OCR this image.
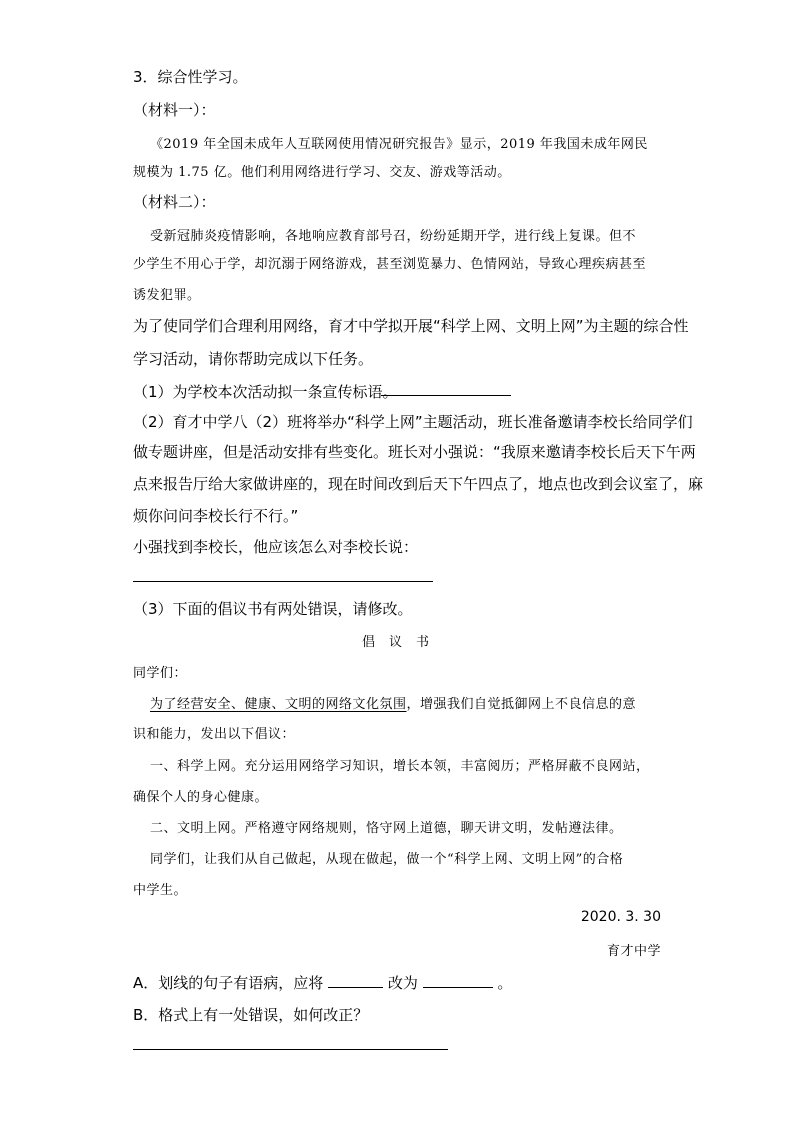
3．综合性学习。
（材料一）：
《2019 年全国未成年人互联网使用情况研究报告》显示，2019 年我国未成年网民
规模为 1.75 亿。他们利用网络进行学习、交友、游戏等活动。
（材料二）：
受新冠肺炎疫情影响，各地响应教育部号召，纷纷延期开学，进行线上复课。但不
少学生不用心于学，却沉溺于网络游戏，甚至浏览暴力、色情网站，导致心理疾病甚至
诱发犯罪。
为了使同学们合理利用网络，育才中学拟开展“科学上网、文明上网”为主题的综合性
学习活动，请你帮助完成以下任务。
（1）为学校本次活动拟一条宣传标语。
（2）育才中学八（2）班将举办“科学上网”主题活动，班长准备邀请李校长给同学们
做专题讲座，但是活动安排有些变化。班长对小强说：“我原来邀请李校长后天下午两
点来报告厅给大家做讲座的，现在时间改到后天下午四点了，地点也改到会议室了，麻
烦你问问李校长行不行。”
小强找到李校长，他应该怎么对李校长说：
（3）下面的倡议书有两处错误，请修改。
倡　议　书
同学们：
为了经营安全、健康、文明的网络文化氛围，增强我们自觉抵御网上不良信息的意
识和能力，发出以下倡议：
一、科学上网。充分运用网络学习知识，增长本领，丰富阅历；严格屏蔽不良网站，
确保个人的身心健康。
二、文明上网。严格遵守网络规则，恪守网上道德，聊天讲文明，发帖遵法律。
同学们，让我们从自己做起，从现在做起，做一个“科学上网、文明上网”的合格
中学生。
2020. 3. 30
育才中学
A．划线的句子有语病，应将	改为	。
B．格式上有一处错误，如何改正？
